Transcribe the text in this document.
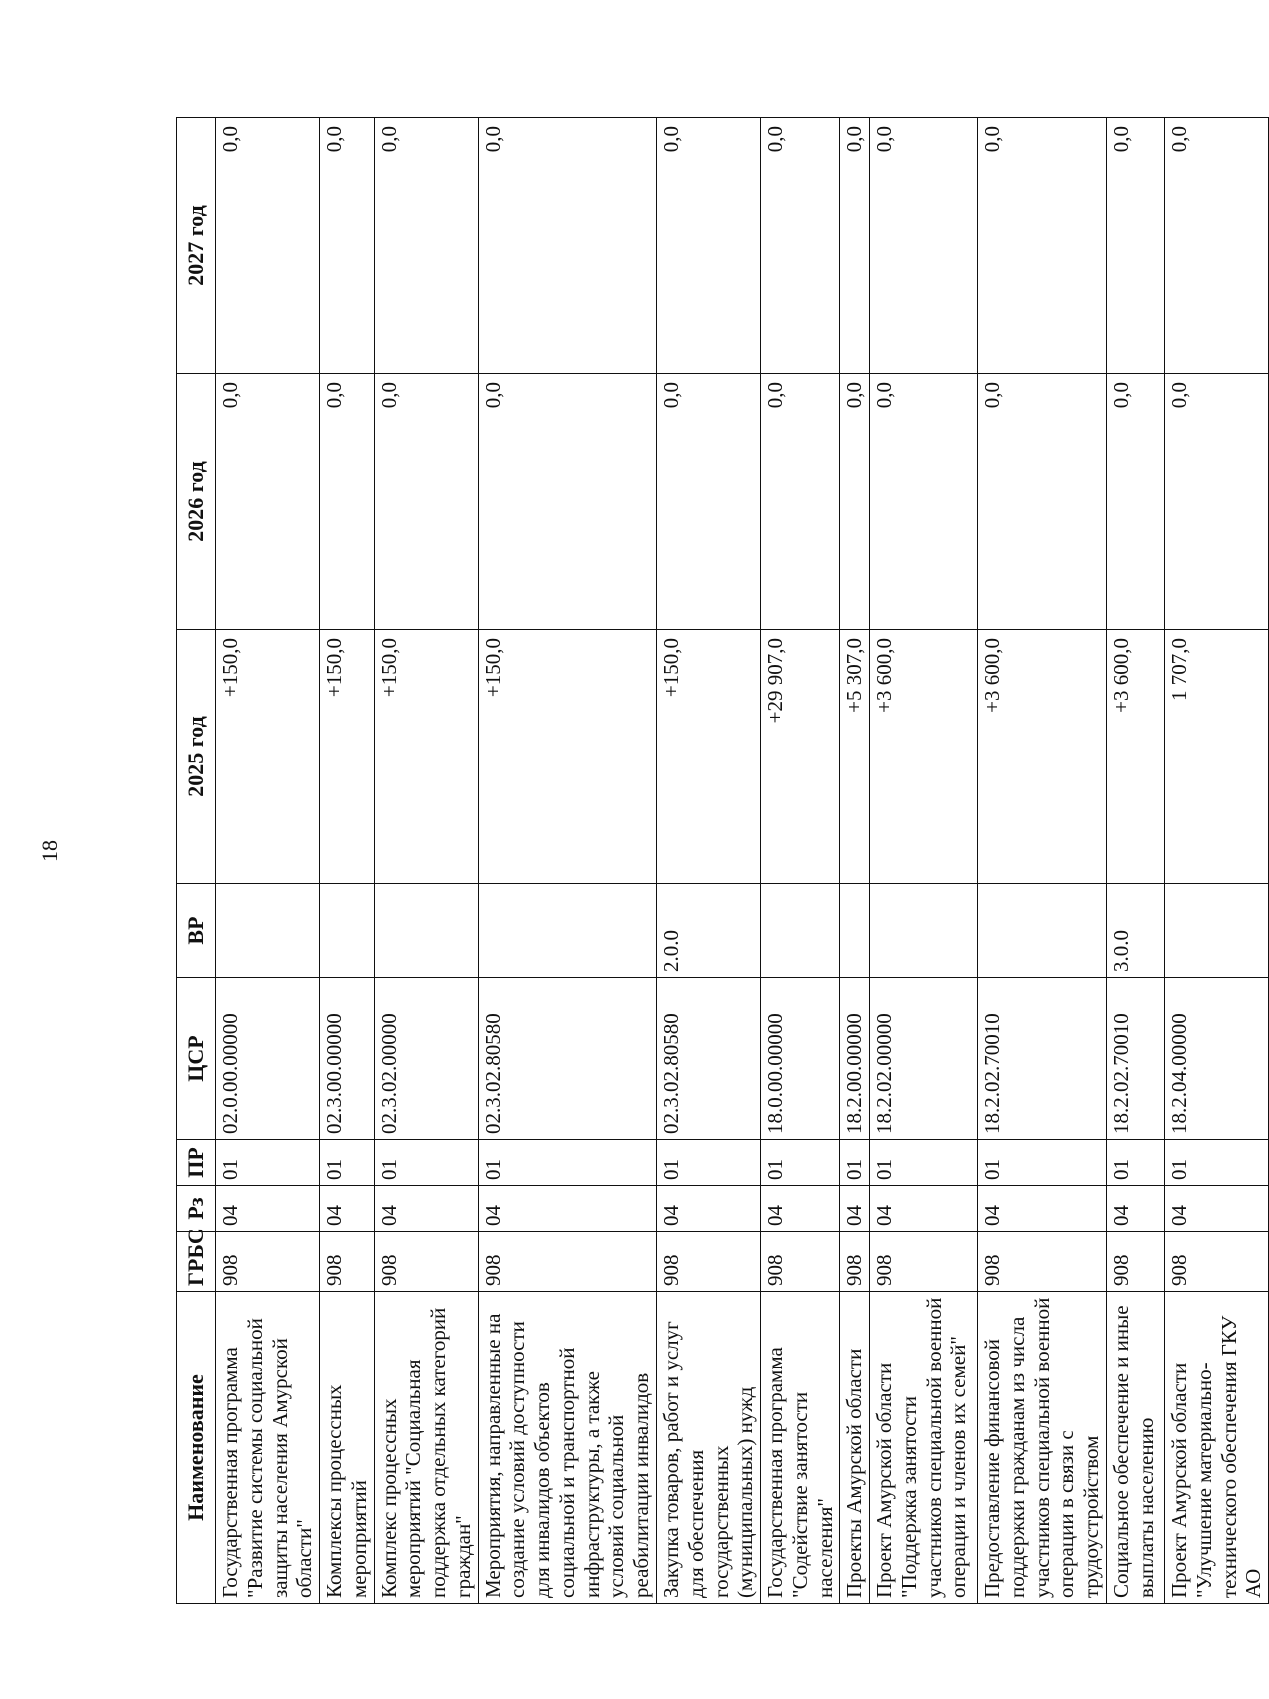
18
Наименование	ГРБС	Рз	ПР	ЦСР	ВР	2025 год	2026 год	2027 год
Государственная программа "Развитие системы социальной защиты населения Амурской области"	908	04	01	02.0.00.00000		+150,0	0,0	0,0
Комплексы процессных мероприятий	908	04	01	02.3.00.00000		+150,0	0,0	0,0
Комплекс процессных мероприятий "Социальная поддержка отдельных категорий граждан"	908	04	01	02.3.02.00000		+150,0	0,0	0,0
Мероприятия, направленные на создание условий доступности для инвалидов объектов социальной и транспортной инфраструктуры, а также условий социальной реабилитации инвалидов	908	04	01	02.3.02.80580		+150,0	0,0	0,0
Закупка товаров, работ и услуг для обеспечения государственных (муниципальных) нужд	908	04	01	02.3.02.80580	2.0.0	+150,0	0,0	0,0
Государственная программа "Содействие занятости населения"	908	04	01	18.0.00.00000		+29 907,0	0,0	0,0
Проекты Амурской области	908	04	01	18.2.00.00000		+5 307,0	0,0	0,0
Проект Амурской области "Поддержка занятости участников специальной военной операции и членов их семей"	908	04	01	18.2.02.00000		+3 600,0	0,0	0,0
Предоставление финансовой поддержки гражданам из числа участников специальной военной операции в связи с трудоустройством	908	04	01	18.2.02.70010		+3 600,0	0,0	0,0
Социальное обеспечение и иные выплаты населению	908	04	01	18.2.02.70010	3.0.0	+3 600,0	0,0	0,0
Проект Амурской области "Улучшение материально-технического обеспечения ГКУ АО	908	04	01	18.2.04.00000		1 707,0	0,0	0,0
